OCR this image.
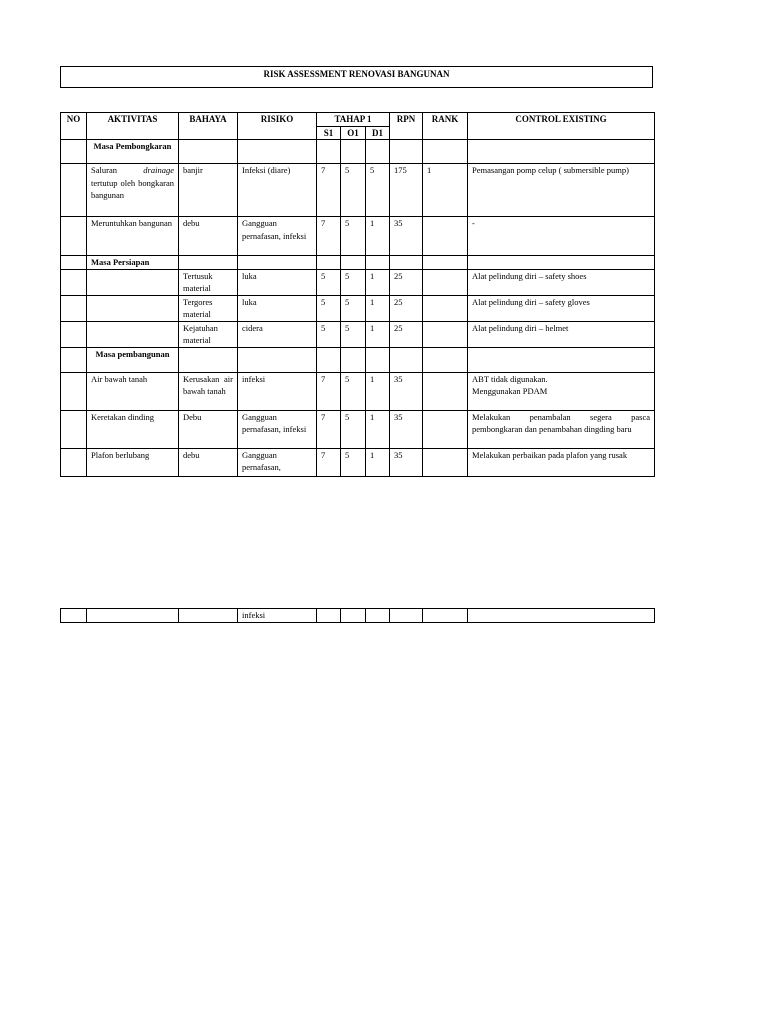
RISK ASSESSMENT RENOVASI BANGUNAN
NO	AKTIVITAS	BAHAYA	RISIKO	TAHAP 1			RPN	RANK	CONTROL EXISTING
				S1	O1	D1			
	Masa Pembongkaran								
	Saluran drainage tertutup oleh bongkaran bangunan	banjir	Infeksi (diare)	7	5	5	175	1	Pemasangan pomp celup ( submersible pump)
	Meruntuhkan bangunan	debu	Gangguan pernafasan, infeksi	7	5	1	35		-
	Masa Persiapan								
		Tertusuk material	luka	5	5	1	25		Alat pelindung diri – safety shoes
		Tergores material	luka	5	5	1	25		Alat pelindung diri – safety gloves
		Kejatuhan material	cidera	5	5	1	25		Alat pelindung diri – helmet
	Masa pembangunan								
	Air bawah tanah	Kerusakan air bawah tanah	infeksi	7	5	1	35		ABT tidak digunakan.
Menggunakan PDAM

	Keretakan dinding	Debu	Gangguan pernafasan, infeksi	7	5	1	35		Melakukan penambalan segera pasca pembongkaran dan penambahan dingding baru
	Plafon berlubang	debu	Gangguan pernafasan,	7	5	1	35		Melakukan perbaikan pada plafon yang rusak
			infeksi						
